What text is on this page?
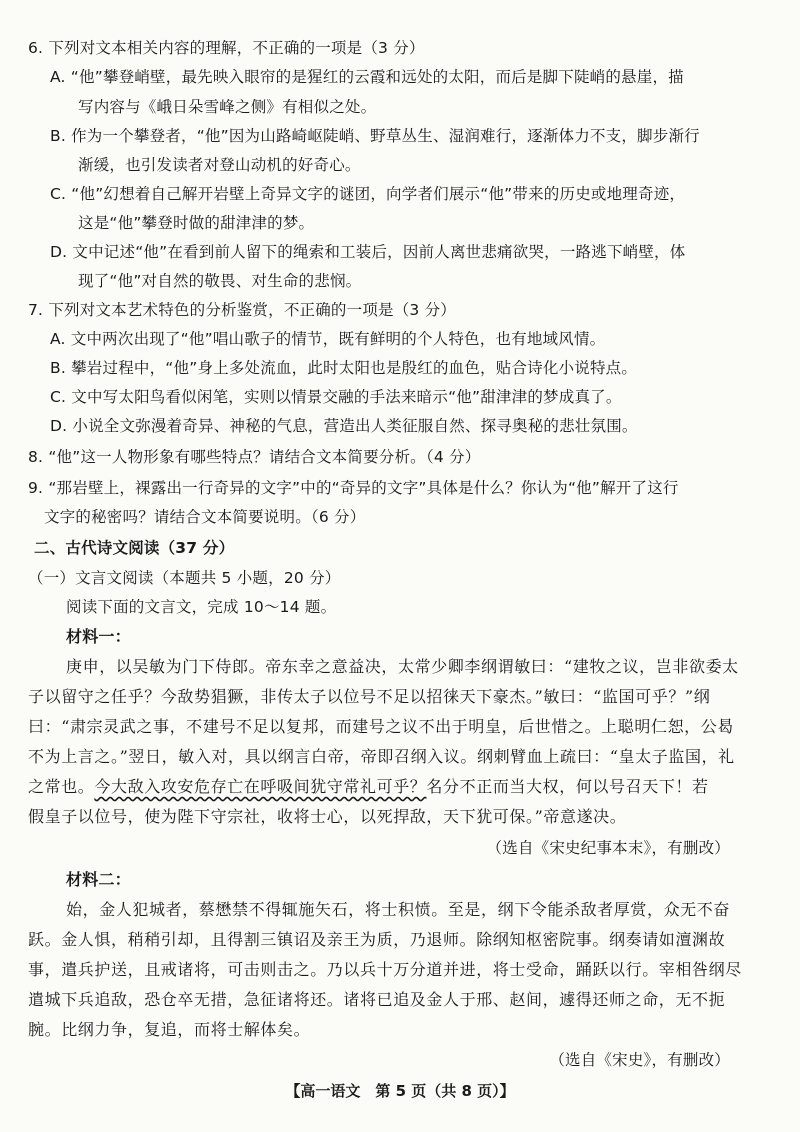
6. 下列对文本相关内容的理解，不正确的一项是（3 分）
A. “他”攀登峭壁，最先映入眼帘的是猩红的云霞和远处的太阳，而后是脚下陡峭的悬崖，描
写内容与《峨日朵雪峰之侧》有相似之处。
B. 作为一个攀登者，“他”因为山路崎岖陡峭、野草丛生、湿润难行，逐渐体力不支，脚步渐行
渐缓，也引发读者对登山动机的好奇心。
C. “他”幻想着自己解开岩壁上奇异文字的谜团，向学者们展示“他”带来的历史或地理奇迹，
这是“他”攀登时做的甜津津的梦。
D. 文中记述“他”在看到前人留下的绳索和工装后，因前人离世悲痛欲哭，一路逃下峭壁，体
现了“他”对自然的敬畏、对生命的悲悯。
7. 下列对文本艺术特色的分析鉴赏，不正确的一项是（3 分）
A. 文中两次出现了“他”唱山歌子的情节，既有鲜明的个人特色，也有地域风情。
B. 攀岩过程中，“他”身上多处流血，此时太阳也是殷红的血色，贴合诗化小说特点。
C. 文中写太阳鸟看似闲笔，实则以情景交融的手法来暗示“他”甜津津的梦成真了。
D. 小说全文弥漫着奇异、神秘的气息，营造出人类征服自然、探寻奥秘的悲壮氛围。
8. “他”这一人物形象有哪些特点？请结合文本简要分析。（4 分）
9. “那岩壁上，裸露出一行奇异的文字”中的“奇异的文字”具体是什么？你认为“他”解开了这行
文字的秘密吗？请结合文本简要说明。（6 分）
二、古代诗文阅读（37 分）
（一）文言文阅读（本题共 5 小题，20 分）
阅读下面的文言文，完成 10～14 题。
材料一：
庚申，以吴敏为门下侍郎。帝东幸之意益决，太常少卿李纲谓敏曰：“建牧之议，岂非欲委太
子以留守之任乎？今敌势猖獗，非传太子以位号不足以招徕天下豪杰。”敏曰：“监国可乎？”纲
曰：“肃宗灵武之事，不建号不足以复邦，而建号之议不出于明皇，后世惜之。上聪明仁恕，公曷
不为上言之。”翌日，敏入对，具以纲言白帝，帝即召纲入议。纲刺臂血上疏曰：“皇太子监国，礼
之常也。今大敌入攻安危存亡在呼吸间犹守常礼可乎？名分不正而当大权，何以号召天下！若
假皇子以位号，使为陛下守宗社，收将士心，以死捍敌，天下犹可保。”帝意遂决。
（选自《宋史纪事本末》，有删改）
材料二：
始，金人犯城者，蔡懋禁不得辄施矢石，将士积愤。至是，纲下令能杀敌者厚赏，众无不奋
跃。金人惧，稍稍引却，且得割三镇诏及亲王为质，乃退师。除纲知枢密院事。纲奏请如澶渊故
事，遣兵护送，且戒诸将，可击则击之。乃以兵十万分道并进，将士受命，踊跃以行。宰相咎纲尽
遣城下兵追敌，恐仓卒无措，急征诸将还。诸将已追及金人于邢、赵间，遽得还师之命，无不扼
腕。比纲力争，复追，而将士解体矣。
（选自《宋史》，有删改）
【高一语文　第 5 页（共 8 页）】
